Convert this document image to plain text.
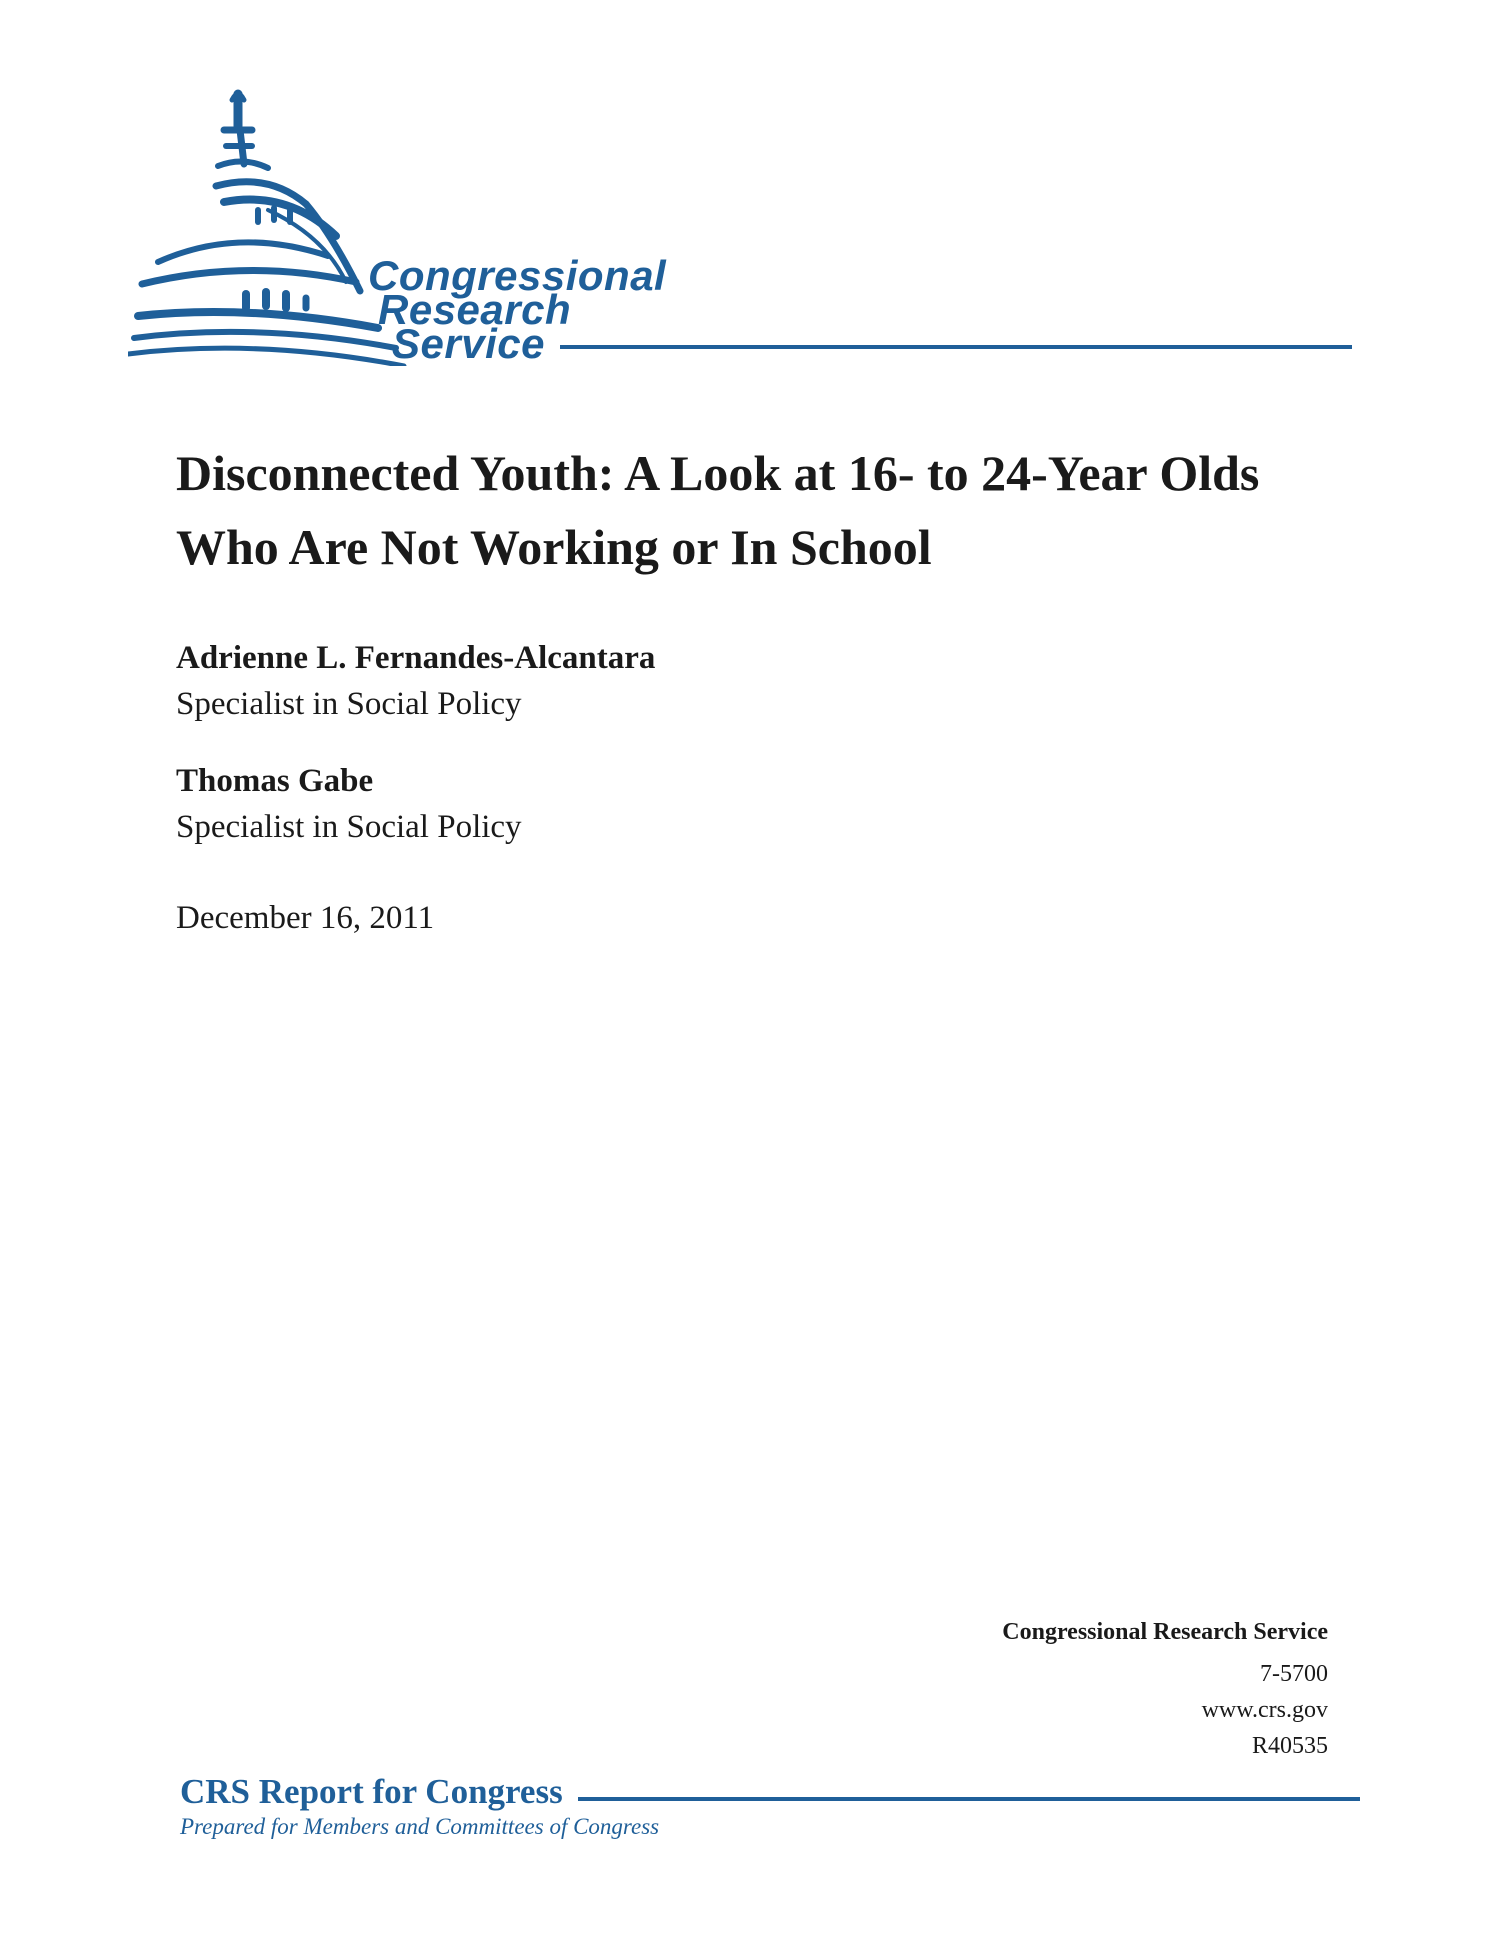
Congressional
Research
Service
Disconnected Youth: A Look at 16- to 24-Year Olds Who Are Not Working or In School
Adrienne L. Fernandes-Alcantara
Specialist in Social Policy
Thomas Gabe
Specialist in Social Policy
December 16, 2011
Congressional Research Service
7-5700
www.crs.gov
R40535
CRS Report for Congress
Prepared for Members and Committees of Congress
